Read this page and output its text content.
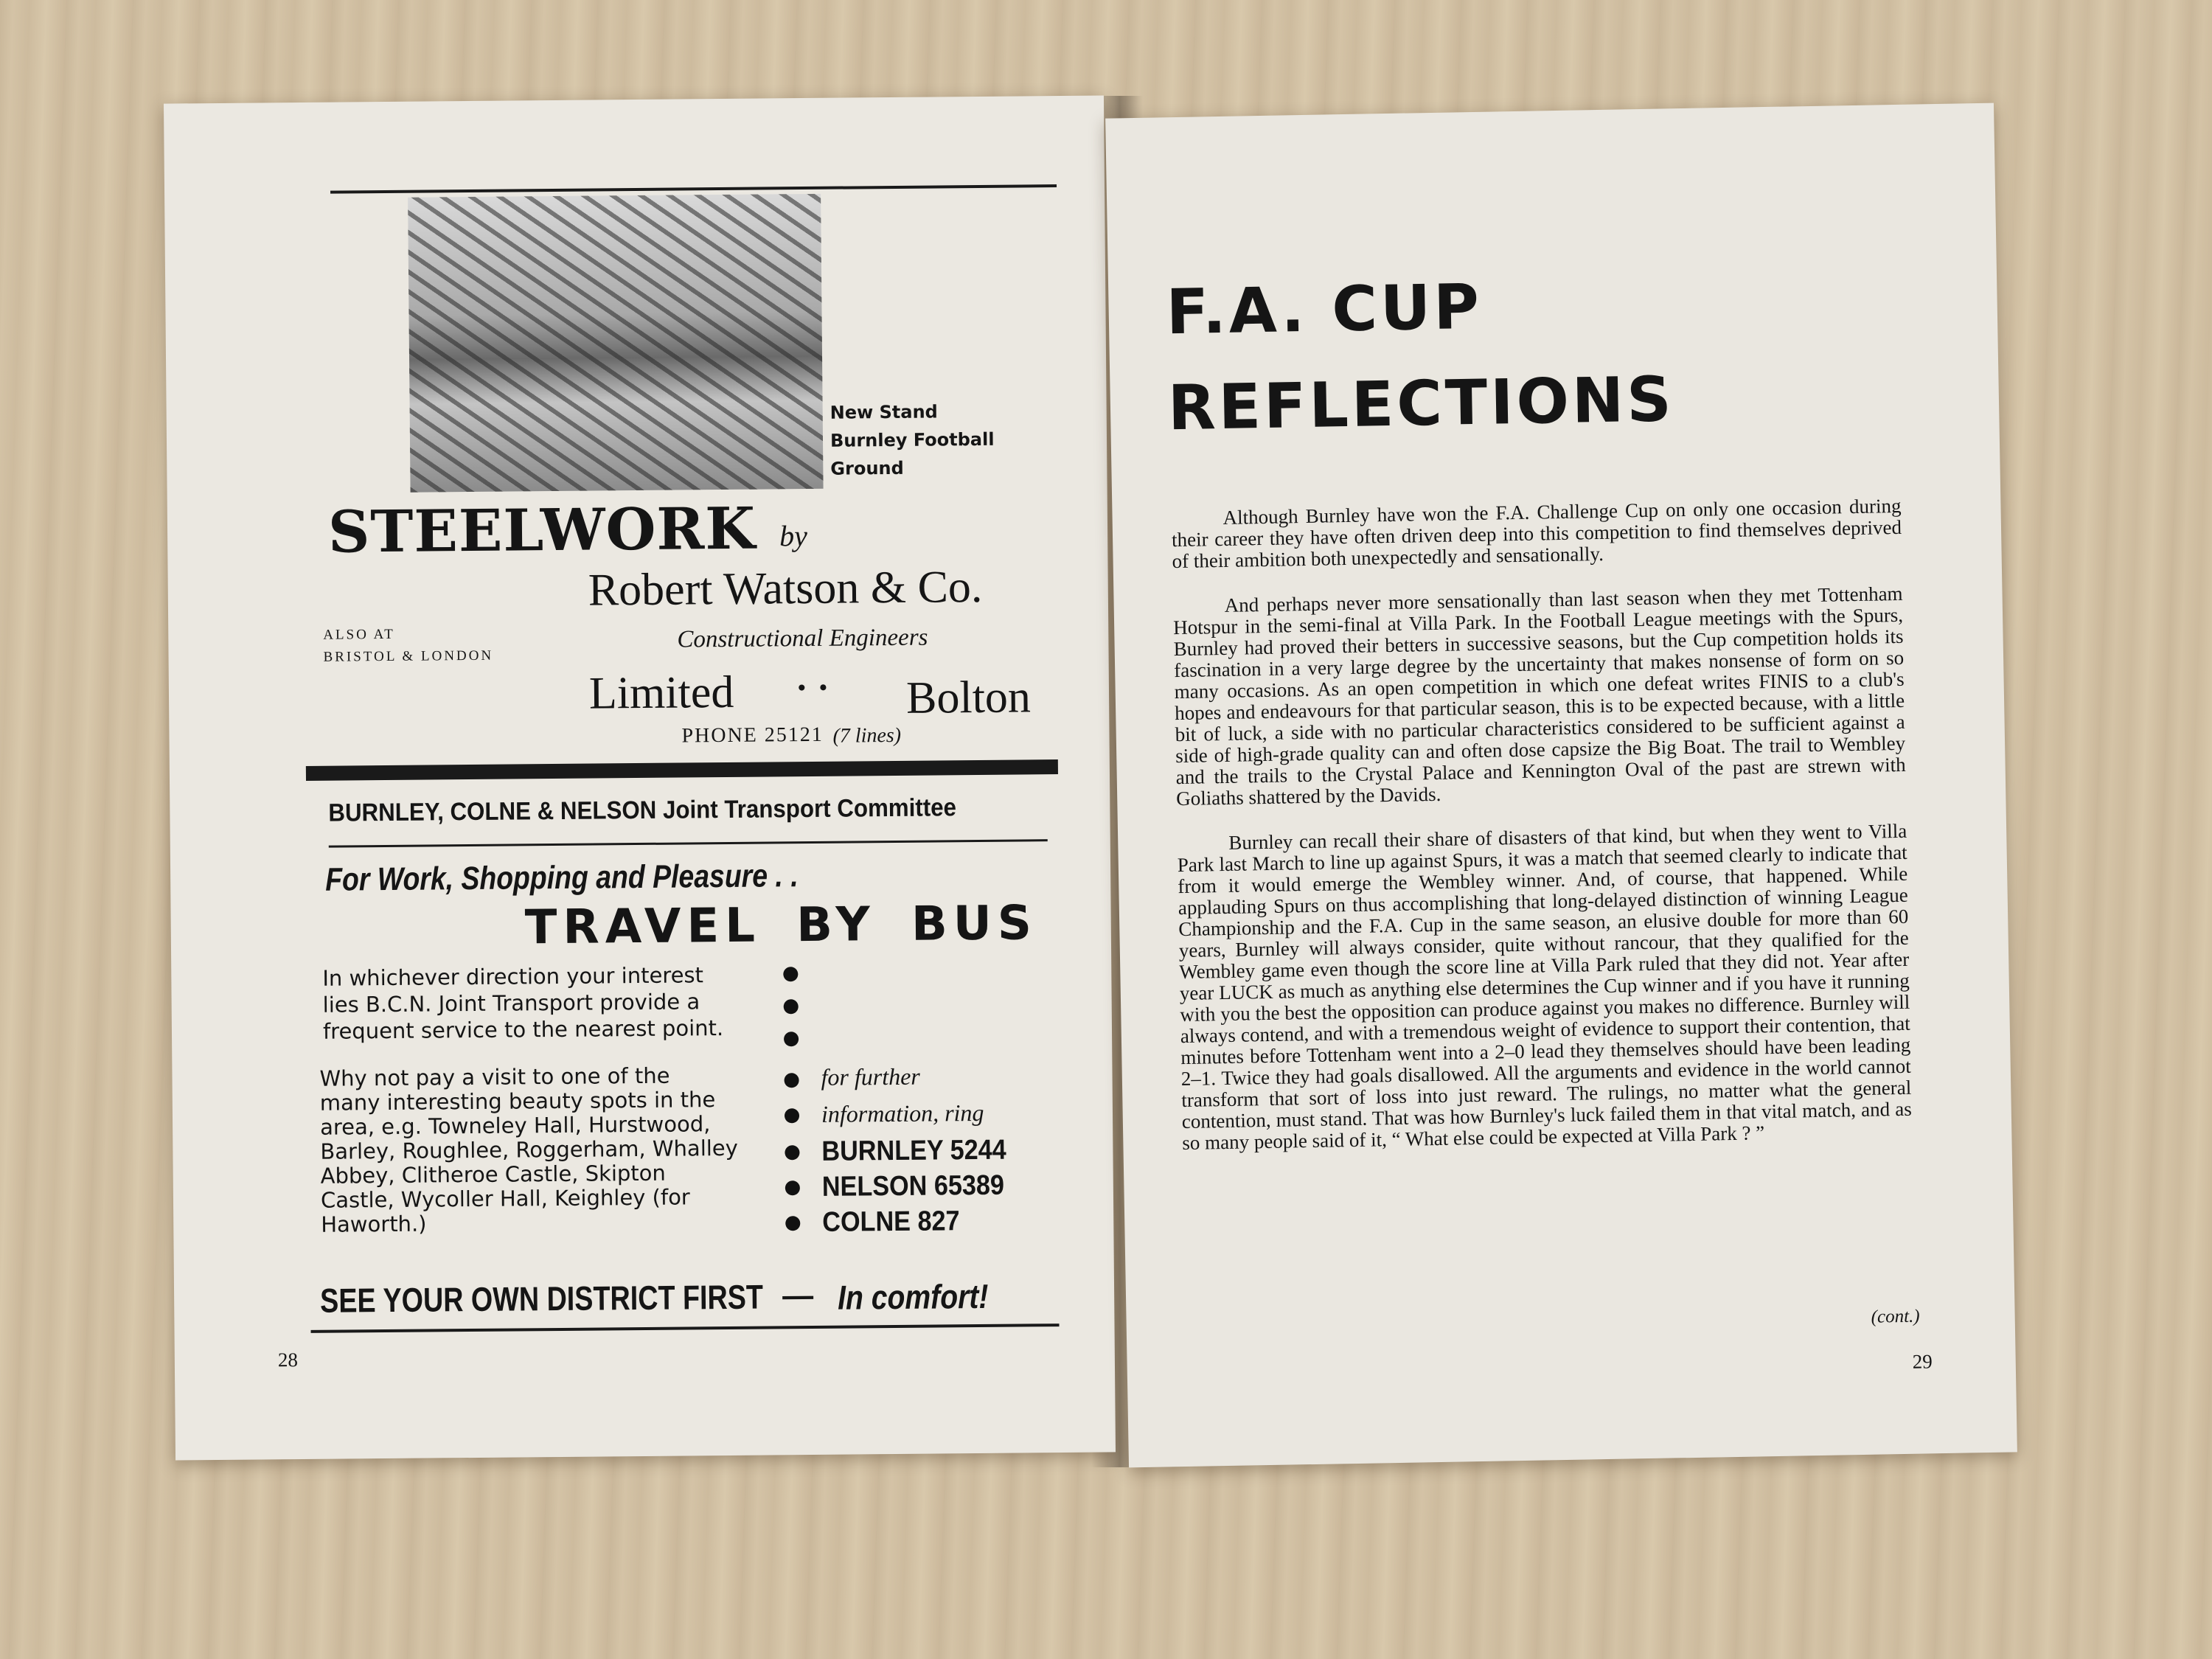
New Stand
Burnley Football
Ground
STEELWORK by
Robert Watson & Co.
ALSO AT
BRISTOL & LONDON
Constructional Engineers
Limited · · Bolton
PHONE 25121 (7 lines)
BURNLEY, COLNE & NELSON Joint Transport Committee
For Work, Shopping and Pleasure . .
TRAVEL BY BUS
In whichever direction your interest
lies B.C.N. Joint Transport provide a
frequent service to the nearest point.
Why not pay a visit to one of the
many interesting beauty spots in the
area, e.g. Towneley Hall, Hurstwood,
Barley, Roughlee, Roggerham, Whalley
Abbey, Clitheroe Castle, Skipton
Castle, Wycoller Hall, Keighley (for
Haworth.)
for further
information, ring
BURNLEY 5244
NELSON 65389
COLNE 827
SEE YOUR OWN DISTRICT FIRST — In comfort!
28
F.A. CUP
REFLECTIONS

Although Burnley have won the F.A. Challenge Cup on only one occasion during their career they have often driven deep into this competition to find themselves deprived of their ambition both unexpectedly and sensationally.

And perhaps never more sensationally than last season when they met Tottenham Hotspur in the semi-final at Villa Park. In the Football League meetings with the Spurs, Burnley had proved their betters in successive seasons, but the Cup competition holds its fascination in a very large degree by the uncertainty that makes nonsense of form on so many occasions. As an open competition in which one defeat writes FINIS to a club's hopes and endeavours for that particular season, this is to be expected because, with a little bit of luck, a side with no particular characteristics considered to be sufficient against a side of high-grade quality can and often dose capsize the Big Boat. The trail to Wembley and the trails to the Crystal Palace and Kennington Oval of the past are strewn with Goliaths shattered by the Davids.

Burnley can recall their share of disasters of that kind, but when they went to Villa Park last March to line up against Spurs, it was a match that seemed clearly to indicate that from it would emerge the Wembley winner. And, of course, that happened. While applauding Spurs on thus accomplishing that long-delayed distinction of winning League Championship and the F.A. Cup in the same season, an elusive double for more than 60 years, Burnley will always consider, quite without rancour, that they qualified for the Wembley game even though the score line at Villa Park ruled that they did not. Year after year LUCK as much as anything else determines the Cup winner and if you have it running with you the best the opposition can produce against you makes no difference. Burnley will always contend, and with a tremendous weight of evidence to support their contention, that minutes before Tottenham went into a 2–0 lead they themselves should have been leading 2–1. Twice they had goals disallowed. All the arguments and evidence in the world cannot transform that sort of loss into just reward. The rulings, no matter what the general contention, must stand. That was how Burnley's luck failed them in that vital match, and as so many people said of it, “ What else could be expected at Villa Park ? ”

(cont.)
29
